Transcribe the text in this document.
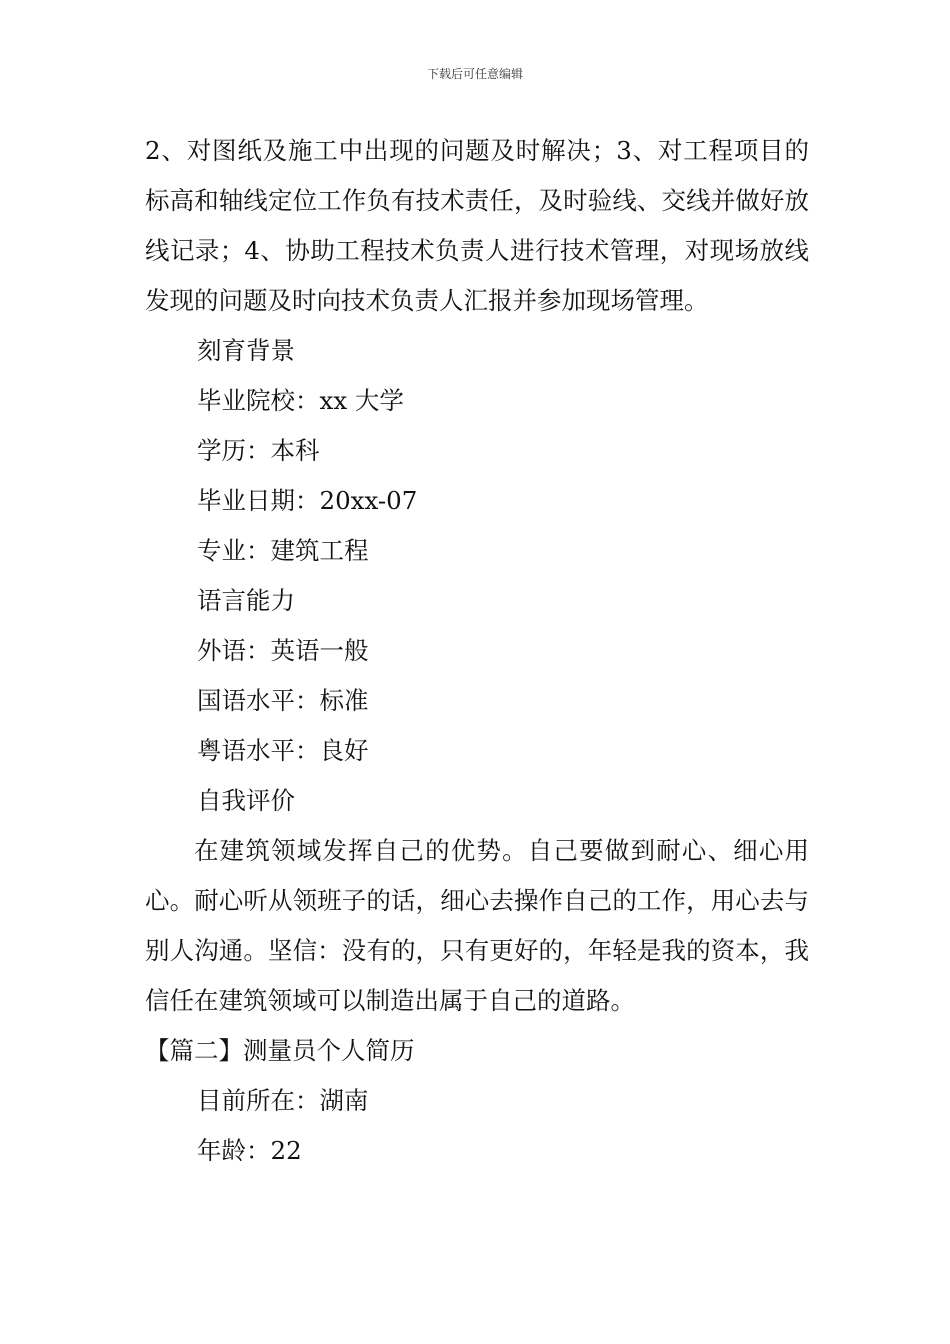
下载后可任意编辑

2、对图纸及施工中出现的问题及时解决；3、对工程项目的标高和轴线定位工作负有技术责任，及时验线、交线并做好放线记录；4、协助工程技术负责人进行技术管理，对现场放线发现的问题及时向技术负责人汇报并参加现场管理。

刻育背景

毕业院校：xx 大学

学历：本科

毕业日期：20xx-07

专业：建筑工程

语言能力

外语：英语一般

国语水平：标准

粤语水平：良好

自我评价

在建筑领域发挥自己的优势。自己要做到耐心、细心用心。耐心听从领班子的话，细心去操作自己的工作，用心去与别人沟通。坚信：没有的，只有更好的，年轻是我的资本，我信任在建筑领域可以制造出属于自己的道路。

【篇二】测量员个人简历

目前所在：湖南

年龄：22
